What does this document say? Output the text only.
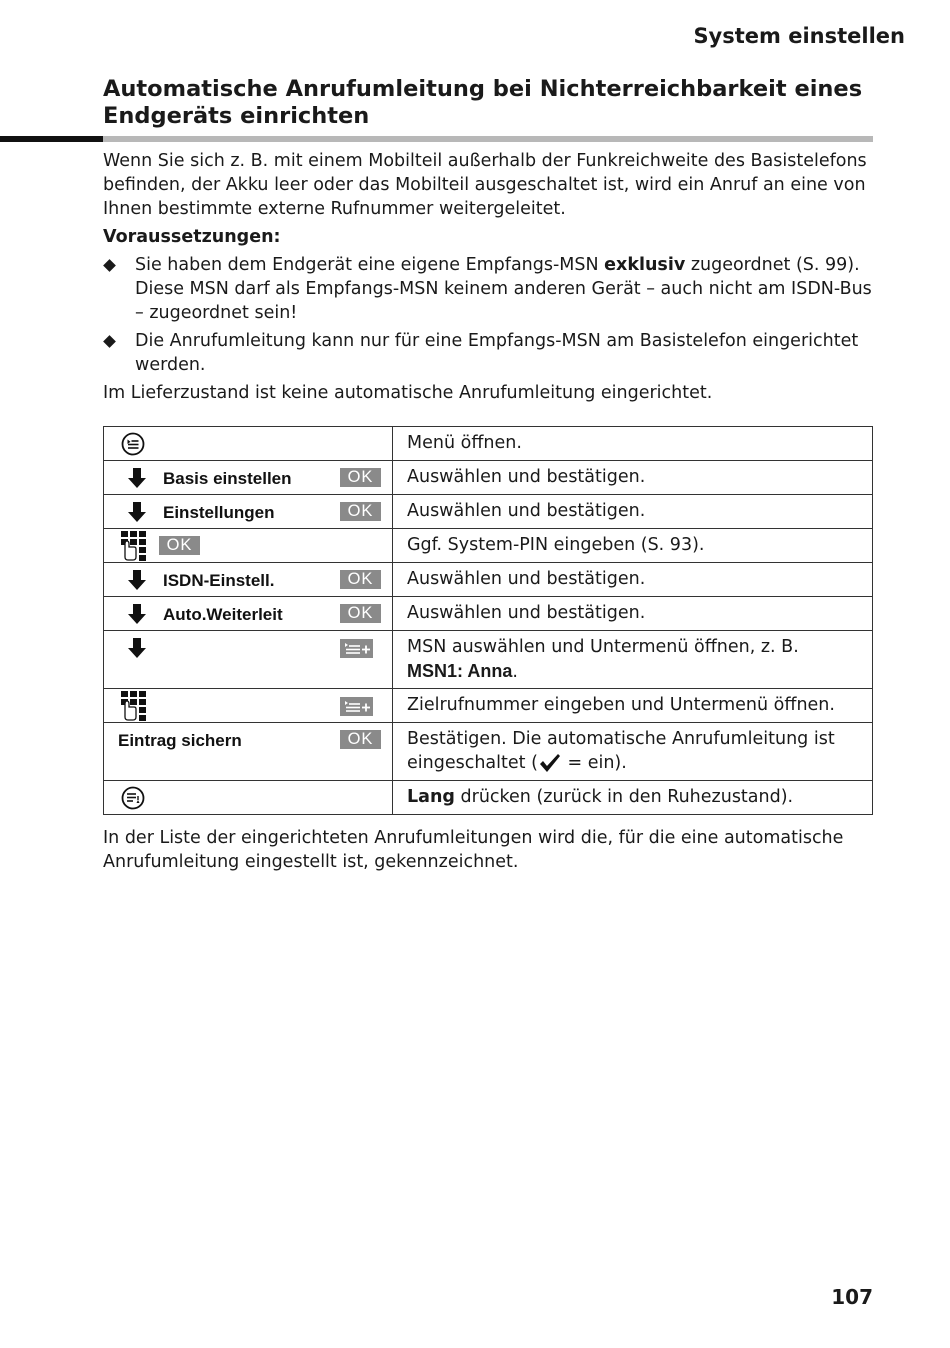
System einstellen
Automatische Anrufumleitung bei Nichterreichbarkeit eines Endgeräts einrichten
Wenn Sie sich z. B. mit einem Mobilteil außerhalb der Funkreichweite des Basistelefons befinden, der Akku leer oder das Mobilteil ausgeschaltet ist, wird ein Anruf an eine von Ihnen bestimmte externe Rufnummer weitergeleitet.
Voraussetzungen:
Sie haben dem Endgerät eine eigene Empfangs-MSN exklusiv zugeordnet (S. 99). Diese MSN darf als Empfangs-MSN keinem anderen Gerät – auch nicht am ISDN-Bus – zugeordnet sein!
Die Anrufumleitung kann nur für eine Empfangs-MSN am Basistelefon eingerichtet werden.
Im Lieferzustand ist keine automatische Anrufumleitung eingerichtet.
	Menü öffnen.

Basis einstellen OK	Auswählen und bestätigen.

Einstellungen OK	Auswählen und bestätigen.

OK	Ggf. System-PIN eingeben (S. 93).

ISDN-Einstell. OK	Auswählen und bestätigen.

Auto.Weiterleit OK	Auswählen und bestätigen.

	MSN auswählen und Untermenü öffnen, z. B.
MSN1: Anna.

	Zielrufnummer eingeben und Untermenü öffnen.

Eintrag sichern OK	Bestätigen. Die automatische Anrufumleitung ist eingeschaltet ( = ein).

	Lang drücken (zurück in den Ruhezustand).
In der Liste der eingerichteten Anrufumleitungen wird die, für die eine automatische Anrufumleitung eingestellt ist, gekennzeichnet.
107
